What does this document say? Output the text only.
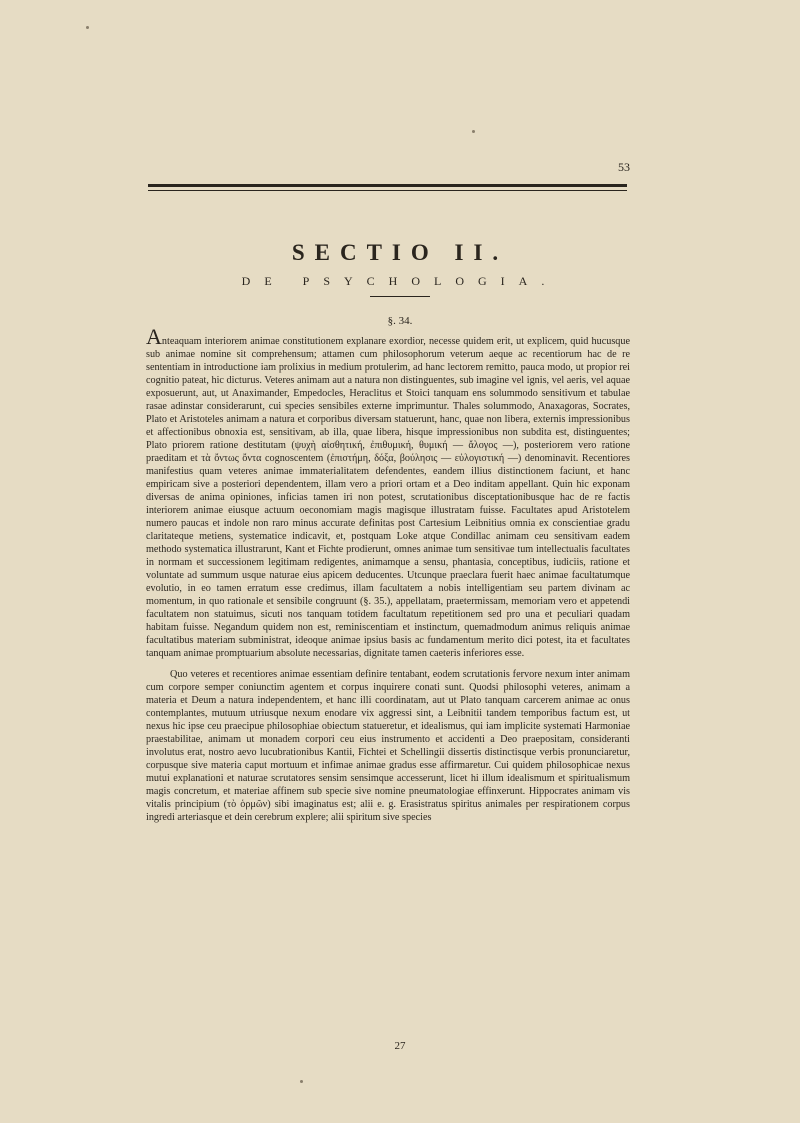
53
SECTIO II.
DE PSYCHOLOGIA.
§. 34.

Anteaquam interiorem animae constitutionem explanare exordior, necesse quidem erit, ut explicem, quid hucusque sub animae nomine sit comprehensum; attamen cum philosophorum veterum aeque ac recentiorum hac de re sententiam in introductione iam prolixius in medium protulerim, ad hanc lectorem remitto, pauca modo, ut propior rei cognitio pateat, hic dicturus. Veteres animam aut a natura non distinguentes, sub imagine vel ignis, vel aeris, vel aquae exposuerunt, aut, ut Anaximander, Empedocles, Heraclitus et Stoici tanquam ens solummodo sensitivum et tabulae rasae adinstar considerarunt, cui species sensibiles externe imprimuntur. Thales solummodo, Anaxagoras, Socrates, Plato et Aristoteles animam a natura et corporibus diversam statuerunt, hanc, quae non libera, externis impressionibus et affectionibus obnoxia est, sensitivam, ab illa, quae libera, hisque impressionibus non subdita est, distinguentes; Plato priorem ratione destitutam (ψυχὴ αἰσθητική, ἐπιθυμική, θυμική — ἄλογος —), posteriorem vero ratione praeditam et τὰ ὄντως ὄντα cognoscentem (ἐπιστήμη, δόξα, βούλησις — εὐλογιστική —) denominavit. Recentiores manifestius quam veteres animae immaterialitatem defendentes, eandem illius distinctionem faciunt, et hanc empiricam sive a posteriori dependentem, illam vero a priori ortam et a Deo inditam appellant. Quin hic exponam diversas de anima opiniones, inficias tamen iri non potest, scrutationibus disceptationibusque hac de re factis interiorem animae eiusque actuum oeconomiam magis magisque illustratam fuisse. Facultates apud Aristotelem numero paucas et indole non raro minus accurate definitas post Cartesium Leibnitius omnia ex conscientiae gradu claritateque metiens, systematice indicavit, et, postquam Loke atque Condillac animam ceu sensitivam eadem methodo systematica illustrarunt, Kant et Fichte prodierunt, omnes animae tum sensitivae tum intellectualis facultates in normam et successionem legitimam redigentes, animamque a sensu, phantasia, conceptibus, iudiciis, ratione et voluntate ad summum usque naturae eius apicem deducentes. Utcunque praeclara fuerit haec animae facultatumque evolutio, in eo tamen erratum esse credimus, illam facultatem a nobis intelligentiam seu partem divinam ac momentum, in quo rationale et sensibile congruunt (§. 35.), appellatam, praetermissam, memoriam vero et appetendi facultatem non statuimus, sicuti nos tanquam totidem facultatum repetitionem sed pro una et peculiari quadam habitam fuisse. Negandum quidem non est, reminiscentiam et instinctum, quemadmodum animus reliquis animae facultatibus materiam subministrat, ideoque animae ipsius basis ac fundamentum merito dici potest, ita et facultates tanquam animae promptuarium absolute necessarias, dignitate tamen caeteris inferiores esse.

Quo veteres et recentiores animae essentiam definire tentabant, eodem scrutationis fervore nexum inter animam cum corpore semper coniunctim agentem et corpus inquirere conati sunt. Quodsi philosophi veteres, animam a materia et Deum a natura independentem, et hanc illi coordinatam, aut ut Plato tanquam carcerem animae ac onus contemplantes, mutuum utriusque nexum enodare vix aggressi sint, a Leibnitii tandem temporibus factum est, ut nexus hic ipse ceu praecipue philosophiae obiectum statueretur, et idealismus, qui iam implicite systemati Harmoniae praestabilitae, animam ut monadem corpori ceu eius instrumento et accidenti a Deo praepositam, consideranti involutus erat, nostro aevo lucubrationibus Kantii, Fichtei et Schellingii dissertis distinctisque verbis pronunciaretur, corpusque sive materia caput mortuum et infimae animae gradus esse affirmaretur. Cui quidem philosophicae nexus mutui explanationi et naturae scrutatores sensim sensimque accesserunt, licet hi illum idealismum et spiritualismum magis concretum, et materiae affinem sub specie sive nomine pneumatologiae effinxerunt. Hippocrates animam vis vitalis principium (τὸ ὁρμῶν) sibi imaginatus est; alii e. g. Erasistratus spiritus animales per respirationem corpus ingredi arteriasque et dein cerebrum explere; alii spiritum sive species

27
